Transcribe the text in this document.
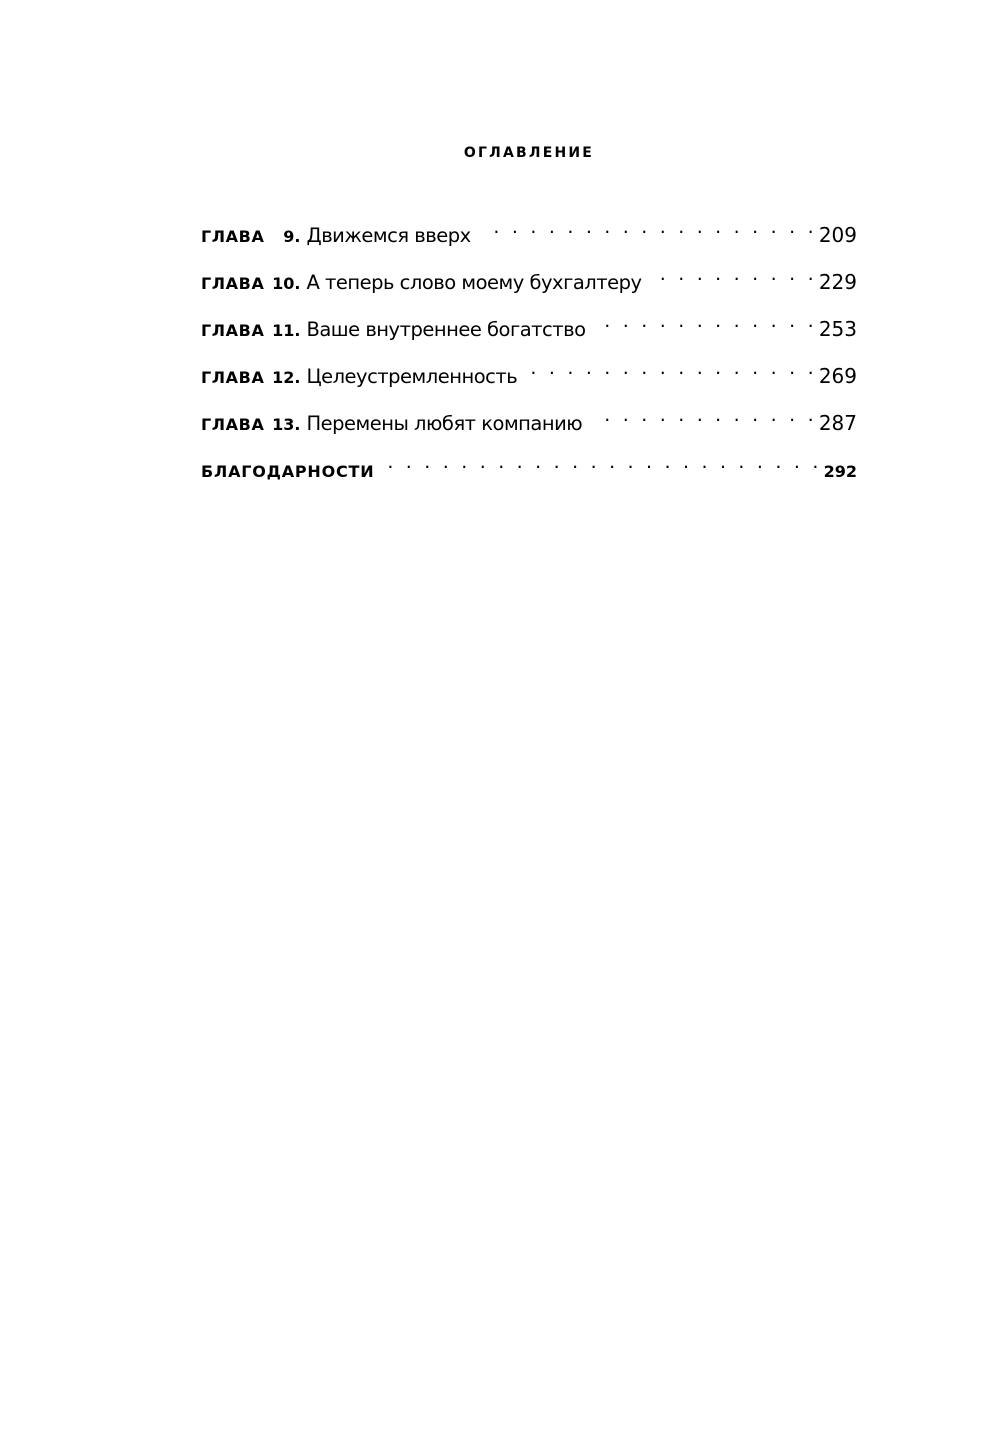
ОГЛАВЛЕНИЕ
ГЛАВА	9. Движемся вверх . . .	209
ГЛАВА 10. А теперь слово моему бухгалтеру . . .	229
ГЛАВА 11. Ваше внутреннее богатство . . .	253
ГЛАВА 12. Целеустремленность . . .	269
ГЛАВА 13. Перемены любят компанию . . .	287
БЛАГОДАРНОСТИ . . .	292
